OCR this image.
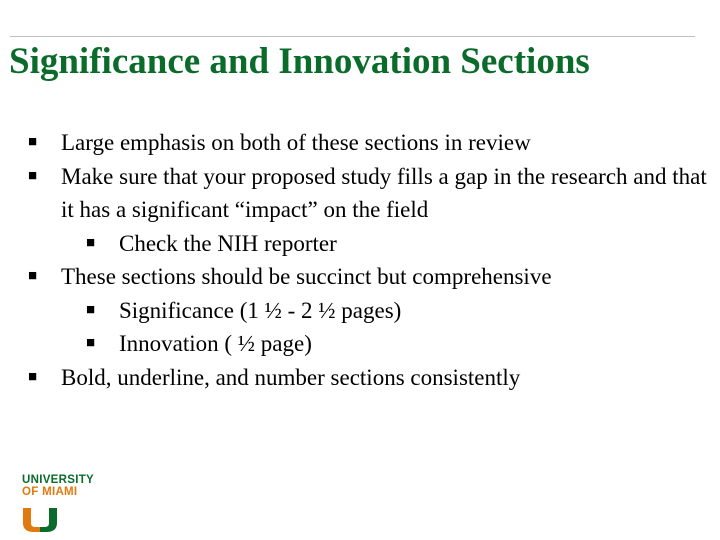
Significance and Innovation Sections
■ Large emphasis on both of these sections in review
■ Make sure that your proposed study fills a gap in the research and that it has a significant “impact” on the field
■ Check the NIH reporter
■ These sections should be succinct but comprehensive
■ Significance (1 ½ - 2 ½ pages)
■ Innovation ( ½ page)
■ Bold, underline, and number sections consistently
UNIVERSITY
OF MIAMI
